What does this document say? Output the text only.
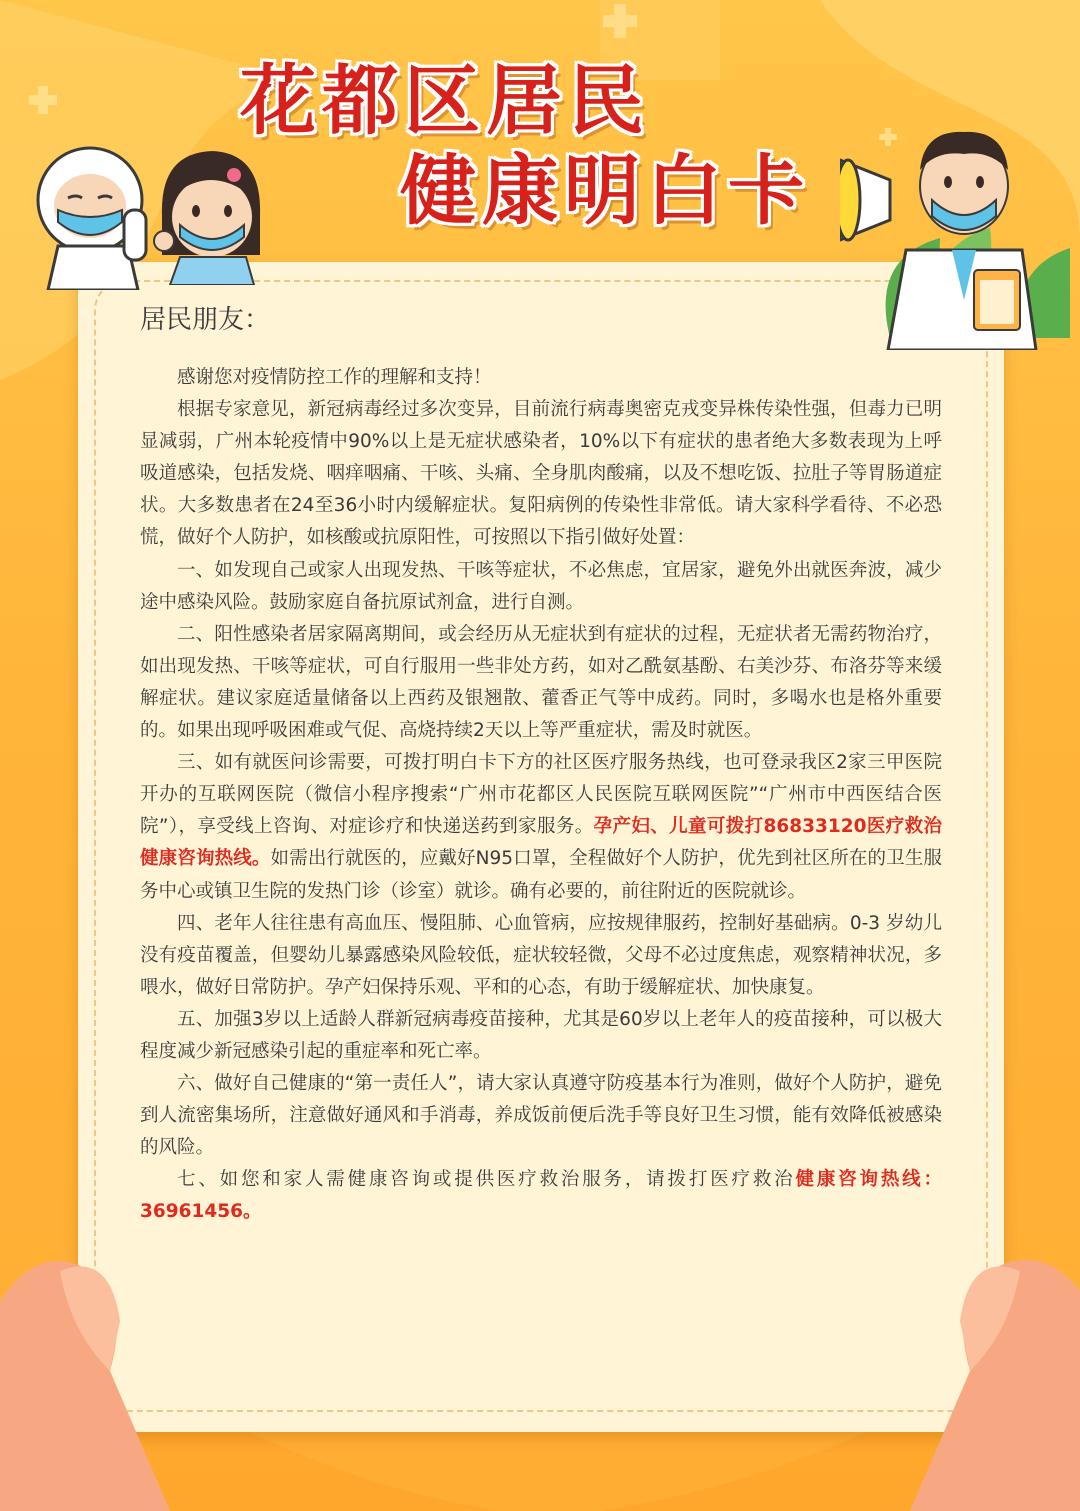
花都区居民
健康明白卡
居民朋友：

感谢您对疫情防控工作的理解和支持！

根据专家意见，新冠病毒经过多次变异，目前流行病毒奥密克戎变异株传染性强，但毒力已明显减弱，广州本轮疫情中90%以上是无症状感染者，10%以下有症状的患者绝大多数表现为上呼吸道感染，包括发烧、咽痒咽痛、干咳、头痛、全身肌肉酸痛，以及不想吃饭、拉肚子等胃肠道症状。大多数患者在24至36小时内缓解症状。复阳病例的传染性非常低。请大家科学看待、不必恐慌，做好个人防护，如核酸或抗原阳性，可按照以下指引做好处置：

一、如发现自己或家人出现发热、干咳等症状，不必焦虑，宜居家，避免外出就医奔波，减少途中感染风险。鼓励家庭自备抗原试剂盒，进行自测。

二、阳性感染者居家隔离期间，或会经历从无症状到有症状的过程，无症状者无需药物治疗，如出现发热、干咳等症状，可自行服用一些非处方药，如对乙酰氨基酚、右美沙芬、布洛芬等来缓解症状。建议家庭适量储备以上西药及银翘散、藿香正气等中成药。同时，多喝水也是格外重要的。如果出现呼吸困难或气促、高烧持续2天以上等严重症状，需及时就医。

三、如有就医问诊需要，可拨打明白卡下方的社区医疗服务热线，也可登录我区2家三甲医院开办的互联网医院（微信小程序搜索“广州市花都区人民医院互联网医院”“广州市中西医结合医院”），享受线上咨询、对症诊疗和快递送药到家服务。孕产妇、儿童可拨打86833120医疗救治健康咨询热线。如需出行就医的，应戴好N95口罩，全程做好个人防护，优先到社区所在的卫生服务中心或镇卫生院的发热门诊（诊室）就诊。确有必要的，前往附近的医院就诊。

四、老年人往往患有高血压、慢阻肺、心血管病，应按规律服药，控制好基础病。0-3 岁幼儿没有疫苗覆盖，但婴幼儿暴露感染风险较低，症状较轻微，父母不必过度焦虑，观察精神状况，多喂水，做好日常防护。孕产妇保持乐观、平和的心态，有助于缓解症状、加快康复。

五、加强3岁以上适龄人群新冠病毒疫苗接种，尤其是60岁以上老年人的疫苗接种，可以极大程度减少新冠感染引起的重症率和死亡率。

六、做好自己健康的“第一责任人”，请大家认真遵守防疫基本行为准则，做好个人防护，避免到人流密集场所，注意做好通风和手消毒，养成饭前便后洗手等良好卫生习惯，能有效降低被感染的风险。

七、如您和家人需健康咨询或提供医疗救治服务，请拨打医疗救治健康咨询热线：36961456。
